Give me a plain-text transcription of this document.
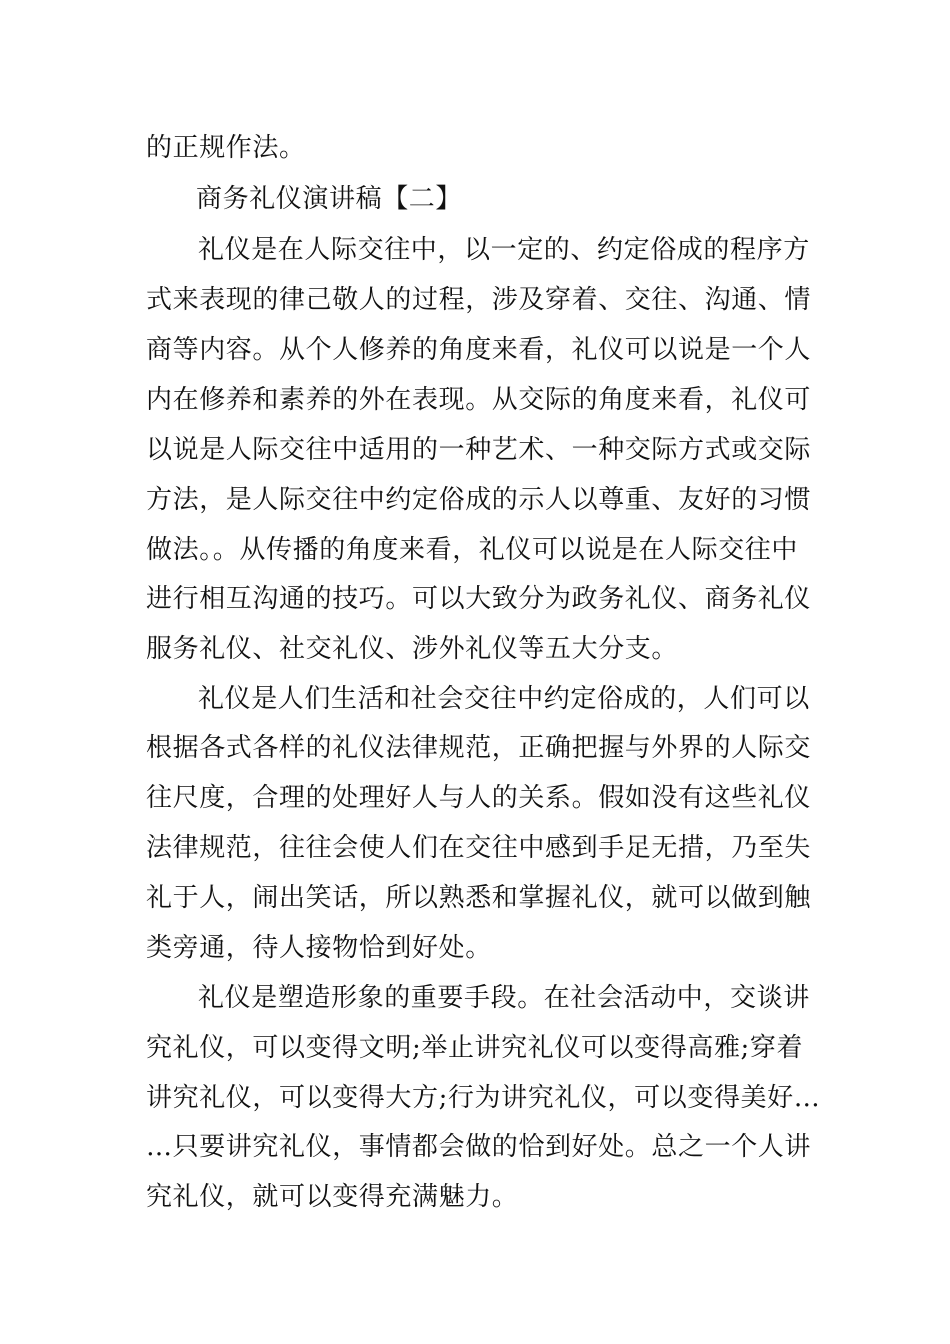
的正规作法。
商务礼仪演讲稿【二】
礼仪是在人际交往中，以一定的、约定俗成的程序方
式来表现的律己敬人的过程，涉及穿着、交往、沟通、情
商等内容。从个人修养的角度来看，礼仪可以说是一个人
内在修养和素养的外在表现。从交际的角度来看，礼仪可
以说是人际交往中适用的一种艺术、一种交际方式或交际
方法，是人际交往中约定俗成的示人以尊重、友好的习惯
做法。。从传播的角度来看，礼仪可以说是在人际交往中
进行相互沟通的技巧。可以大致分为政务礼仪、商务礼仪
服务礼仪、社交礼仪、涉外礼仪等五大分支。
礼仪是人们生活和社会交往中约定俗成的，人们可以
根据各式各样的礼仪法律规范，正确把握与外界的人际交
往尺度，合理的处理好人与人的关系。假如没有这些礼仪
法律规范，往往会使人们在交往中感到手足无措，乃至失
礼于人，闹出笑话，所以熟悉和掌握礼仪，就可以做到触
类旁通，待人接物恰到好处。
礼仪是塑造形象的重要手段。在社会活动中，交谈讲
究礼仪，可以变得文明;举止讲究礼仪可以变得高雅;穿着
讲究礼仪，可以变得大方;行为讲究礼仪，可以变得美好…
…只要讲究礼仪，事情都会做的恰到好处。总之一个人讲
究礼仪，就可以变得充满魅力。
